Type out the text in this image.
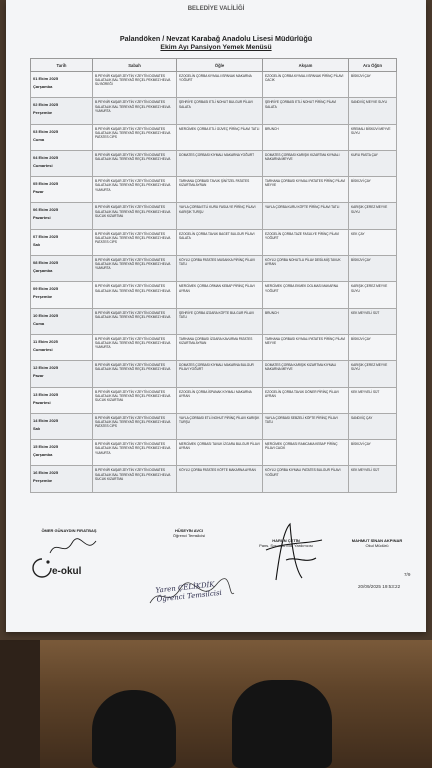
BELEDİYE VALİLİĞİ
Palandöken / Nevzat Karabağ Anadolu Lisesi Müdürlüğü
Ekim Ayı Pansiyon Yemek Menüsü
Tarih	Sabah	Öğle	Akşam	Ara Öğün

01 Ekim 2025
Çarşamba	B.PEYNİR KAŞAR ZEYTİN Y.ZEYTİN DOMATES SALATALIK BAL TEREYAĞ REÇEL PEKMEZ HELVA SU BÖREĞİ	EZOGELİN ÇORBA KIYMALI ISPANAK MAKARNA YOĞURT	EZOGELİN ÇORBA KIYMALI ISPANAK PİRİNÇ PİLAVI CACIK	BİSKÜVİ ÇAY

02 Ekim 2025
Perşembe	B.PEYNİR KAŞAR ZEYTİN Y.ZEYTİN DOMATES SALATALIK BAL TEREYAĞ REÇEL PEKMEZ HELVA YUMURTA	ŞEHRİYE ÇORBASI ETLİ NOHUT BULGUR PİLAVI SALATA	ŞEHRİYE ÇORBASI ETLİ NOHUT PİRİNÇ PİLAVI SALATA	SANDVİÇ MEYVE SUYU

03 Ekim 2025
Cuma	B.PEYNİR KAŞAR ZEYTİN Y.ZEYTİN DOMATES SALATALIK BAL TEREYAĞ REÇEL PEKMEZ HELVA PATATES CİPS	MERCİMEK ÇORBA ETLİ GÜVEÇ PİRİNÇ PİLAVI TATLI	BRUNCH	KREMALI BİSKÜVİ MEYVE SUYU

04 Ekim 2025
Cumartesi	B.PEYNİR KAŞAR ZEYTİN Y.ZEYTİN DOMATES SALATALIK BAL TEREYAĞ REÇEL PEKMEZ HELVA	DOMATES ÇORBASI KIYMALI MAKARNA YOĞURT	DOMATES ÇORBASI KARIŞIK KIZARTMA KIYMALI MAKARNA MEYVE	KURU PASTA ÇAY

05 Ekim 2025
Pazar	B.PEYNİR KAŞAR ZEYTİN Y.ZEYTİN DOMATES SALATALIK BAL TEREYAĞ REÇEL PEKMEZ HELVA YUMURTA	TARHANA ÇORBASI TAVUK ŞİNİTZEL PATATES KIZARTMA AYRAN	TARHANA ÇORBASI KIYMALI PATATES PİRİNÇ PİLAVI MEYVE	BİSKÜVİ ÇAY

06 Ekim 2025
Pazartesi	B.PEYNİR KAŞAR ZEYTİN Y.ZEYTİN DOMATES SALATALIK BAL TEREYAĞ REÇEL PEKMEZ HELVA SUCUK KIZARTMA	YAYLA ÇORBA ETLİ KURU FASULYE PİRİNÇ PİLAVI KARIŞIK TURŞU	YAYLA ÇORBA KURU KÖFTE PİRİNÇ PİLAVI TATLI	KARIŞIK ÇEREZ MEYVE SUYU

07 Ekim 2025
Salı	B.PEYNİR KAŞAR ZEYTİN Y.ZEYTİN DOMATES SALATALIK BAL TEREYAĞ REÇEL PEKMEZ HELVA PATATES CİPS	EZOGELİN ÇORBA TAVUK BAGET BULGUR PİLAVI SALATA	EZOGELİN ÇORBA TAZE FASULYE PİRİNÇ PİLAVI YOĞURT	KEK ÇAY

08 Ekim 2025
Çarşamba	B.PEYNİR KAŞAR ZEYTİN Y.ZEYTİN DOMATES SALATALIK BAL TEREYAĞ REÇEL PEKMEZ HELVA YUMURTA	KÖYLÜ ÇORBA PATATES MUSAKKA PİRİNÇ PİLAVI TATLI	KÖYLÜ ÇORBA NOHUTLU PİLAV DESİLMİŞ TAVUK AYRAN	BİSKÜVİ ÇAY

09 Ekim 2025
Perşembe	B.PEYNİR KAŞAR ZEYTİN Y.ZEYTİN DOMATES SALATALIK BAL TEREYAĞ REÇEL PEKMEZ HELVA	MERCİMEK ÇORBA ORMAN KEBAP PİRİNÇ PİLAVI AYRAN	MERCİMEK ÇORBA EKMEK DOLMASI MAKARNA YOĞURT	KARIŞIK ÇEREZ MEYVE SUYU

10 Ekim 2025
Cuma	B.PEYNİR KAŞAR ZEYTİN Y.ZEYTİN DOMATES SALATALIK BAL TEREYAĞ REÇEL PEKMEZ HELVA	ŞEHRİYE ÇORBA IZGARA KÖFTE BULGUR PİLAVI TATLI	BRUNCH	KEK MEYVELİ SÜT

11 Ekim 2025
Cumartesi	B.PEYNİR KAŞAR ZEYTİN Y.ZEYTİN DOMATES SALATALIK BAL TEREYAĞ REÇEL PEKMEZ HELVA YUMURTA	TARHANA ÇORBASI İZGARA KAVURMA PATATES KIZARTMA AYRAN	TARHANA ÇORBASI KIYMALI PATATES PİRİNÇ PİLAVI MEYVE	BİSKÜVİ ÇAY

12 Ekim 2025
Pazar	B.PEYNİR KAŞAR ZEYTİN Y.ZEYTİN DOMATES SALATALIK BAL TEREYAĞ REÇEL PEKMEZ HELVA	DOMATES ÇORBASI KIYMALI MAKARNA BULGUR PİLAVI YOĞURT	DOMATES ÇORBA KARIŞIK KIZARTMA KIYMALI MAKARNA MEYVE	KARIŞIK ÇEREZ MEYVE SUYU

13 Ekim 2025
Pazartesi	B.PEYNİR KAŞAR ZEYTİN Y.ZEYTİN DOMATES SALATALIK BAL TEREYAĞ REÇEL PEKMEZ HELVA SUCUK KIZARTMA	EZOGELİN ÇORBA İSPANAK KIYMALI MAKARNA AYRAN	EZOGELİN ÇORBA TAVUK DÖNER PİRİNÇ PİLAVI AYRAN	KEK MEYVELİ SÜT

14 Ekim 2025
Salı	B.PEYNİR KAŞAR ZEYTİN Y.ZEYTİN DOMATES SALATALIK BAL TEREYAĞ REÇEL PEKMEZ HELVA PATATES CİPS	YAYLA ÇORBASI ETLİ NOHUT PİRİNÇ PİLAVI KARIŞIK TURŞU	YAYLA ÇORBASI SEBZELİ KÖFTE PİRİNÇ PİLAVI TATLI	SANDVİÇ ÇAY

15 Ekim 2025
Çarşamba	B.PEYNİR KAŞAR ZEYTİN Y.ZEYTİN DOMATES SALATALIK BAL TEREYAĞ REÇEL PEKMEZ HELVA YUMURTA	MERCİMEK ÇORBASI TAVUK İZGARA BULGUR PİLAVI AYRAN	MERCİMEK ÇORBASI RAMCAMA KEBAP PİRİNÇ PİLAVI CACIK	BİSKÜVİ ÇAY

16 Ekim 2025
Perşembe	B.PEYNİR KAŞAR ZEYTİN Y.ZEYTİN DOMATES SALATALIK BAL TEREYAĞ REÇEL PEKMEZ HELVA SUCUK KIZARTMA	KÖYLÜ ÇORBA PATATES KÖFTE MAKARNA AYRAN	KÖYLÜ ÇORBA KIYMALI PATATES BULGUR PİLAVI YOĞURT	KEK MEYVELİ SÜT
e-okul
Yaren ÇELİKDİK Öğrenci Temsilcisi
ÖMER GÜNAYDIN FIRATBAŞ	HÜSEYİN AVCI
Öğrenci Temsilcisi
HARUN ÇETİN
Pans. Sorumlu Md. Yardımcısı
MAHMUT SİNAN AKPINAR
Okul Müdürü
7/9
20/09/2025 19:53:22
